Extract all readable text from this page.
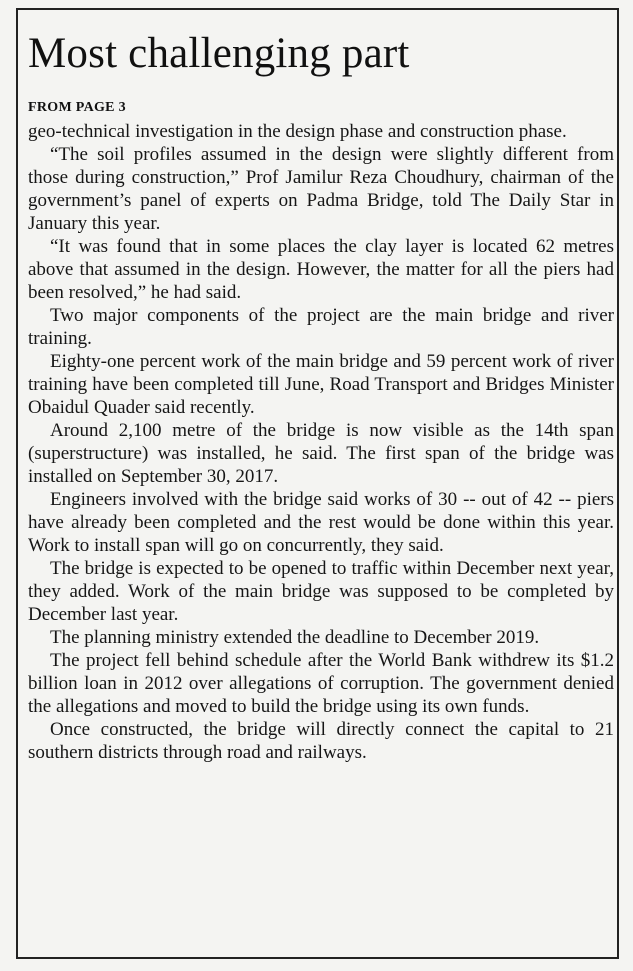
Most challenging part
FROM PAGE 3

geo-technical investigation in the design phase and construction phase.

“The soil profiles assumed in the design were slightly different from those during construction,” Prof Jamilur Reza Choudhury, chairman of the government’s panel of experts on Padma Bridge, told The Daily Star in January this year.

“It was found that in some places the clay layer is located 62 metres above that assumed in the design. However, the matter for all the piers had been resolved,” he had said.

Two major components of the project are the main bridge and river training.

Eighty-one percent work of the main bridge and 59 percent work of river training have been completed till June, Road Transport and Bridges Minister Obaidul Quader said recently.

Around 2,100 metre of the bridge is now visible as the 14th span (superstructure) was installed, he said. The first span of the bridge was installed on September 30, 2017.

Engineers involved with the bridge said works of 30 -- out of 42 -- piers have already been completed and the rest would be done within this year. Work to install span will go on concurrently, they said.

The bridge is expected to be opened to traffic within December next year, they added. Work of the main bridge was supposed to be completed by December last year.

The planning ministry extended the deadline to December 2019.

The project fell behind schedule after the World Bank withdrew its $1.2 billion loan in 2012 over allegations of corruption. The government denied the allegations and moved to build the bridge using its own funds.

Once constructed, the bridge will directly connect the capital to 21 southern districts through road and railways.
